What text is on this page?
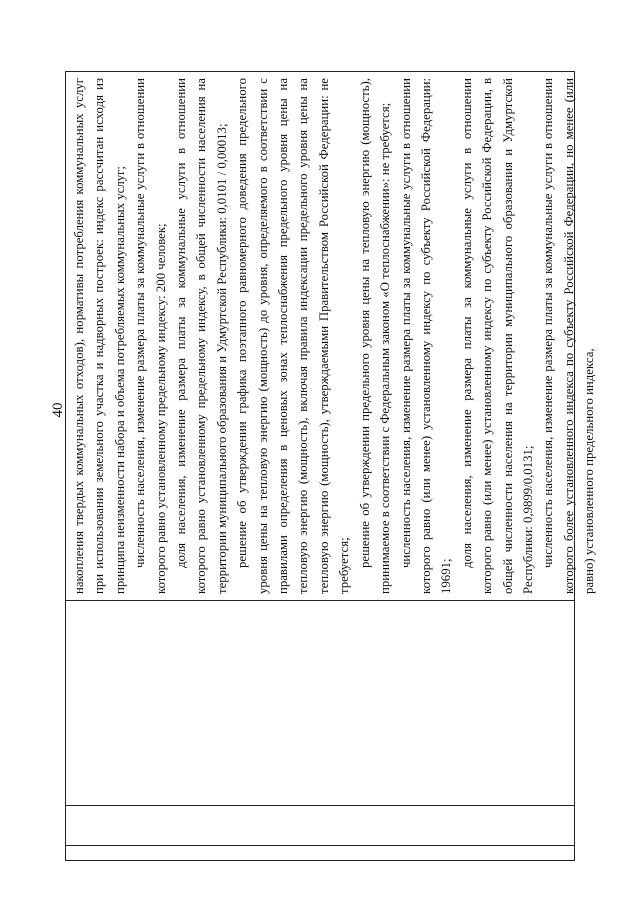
40 накопления твердых коммунальных отходов), нормативы потребления коммунальных услуг при использовании земельного участка и надворных построек: индекс рассчитан исходя из принципа неизменности набора и объема потребляемых коммунальных услуг; численность населения, изменение размера платы за коммунальные услуги в отношении которого равно установленному предельному индексу: 200 человек; доля населения, изменение размера платы за коммунальные услуги в отношении которого равно установленному предельному индексу, в общей численности населения на территории муниципального образования и Удмуртской Республики: 0,0101 / 0,00013; решение об утверждении графика поэтапного равномерного доведения предельного уровня цены на тепловую энергию (мощность) до уровня, определяемого в соответствии с правилами определения в ценовых зонах теплоснабжения предельного уровня цены на тепловую энергию (мощность), включая правила индексации предельного уровня цены на тепловую энергию (мощность), утверждаемыми Правительством Российской Федерации: не требуется; решение об утверждении предельного уровня цены на тепловую энергию (мощность), принимаемое в соответствии с Федеральным законом «О теплоснабжении»: не требуется; численность населения, изменение размера платы за коммунальные услуги в отношении которого равно (или менее) установленному индексу по субъекту Российской Федерации: 19691;

доля населения, изменение размера платы за коммунальные услуги в отношении которого равно (или менее) установленному индексу по субъекту Российской Федерации, в общей численности населения на территории муниципального образования и Удмуртской Республики: 0,9899/0,0131; численность населения, изменение размера платы за коммунальные услуги в отношении которого более установленного индекса по субъекту Российской Федерации, но менее (или равно) установленного предельного индекса,
